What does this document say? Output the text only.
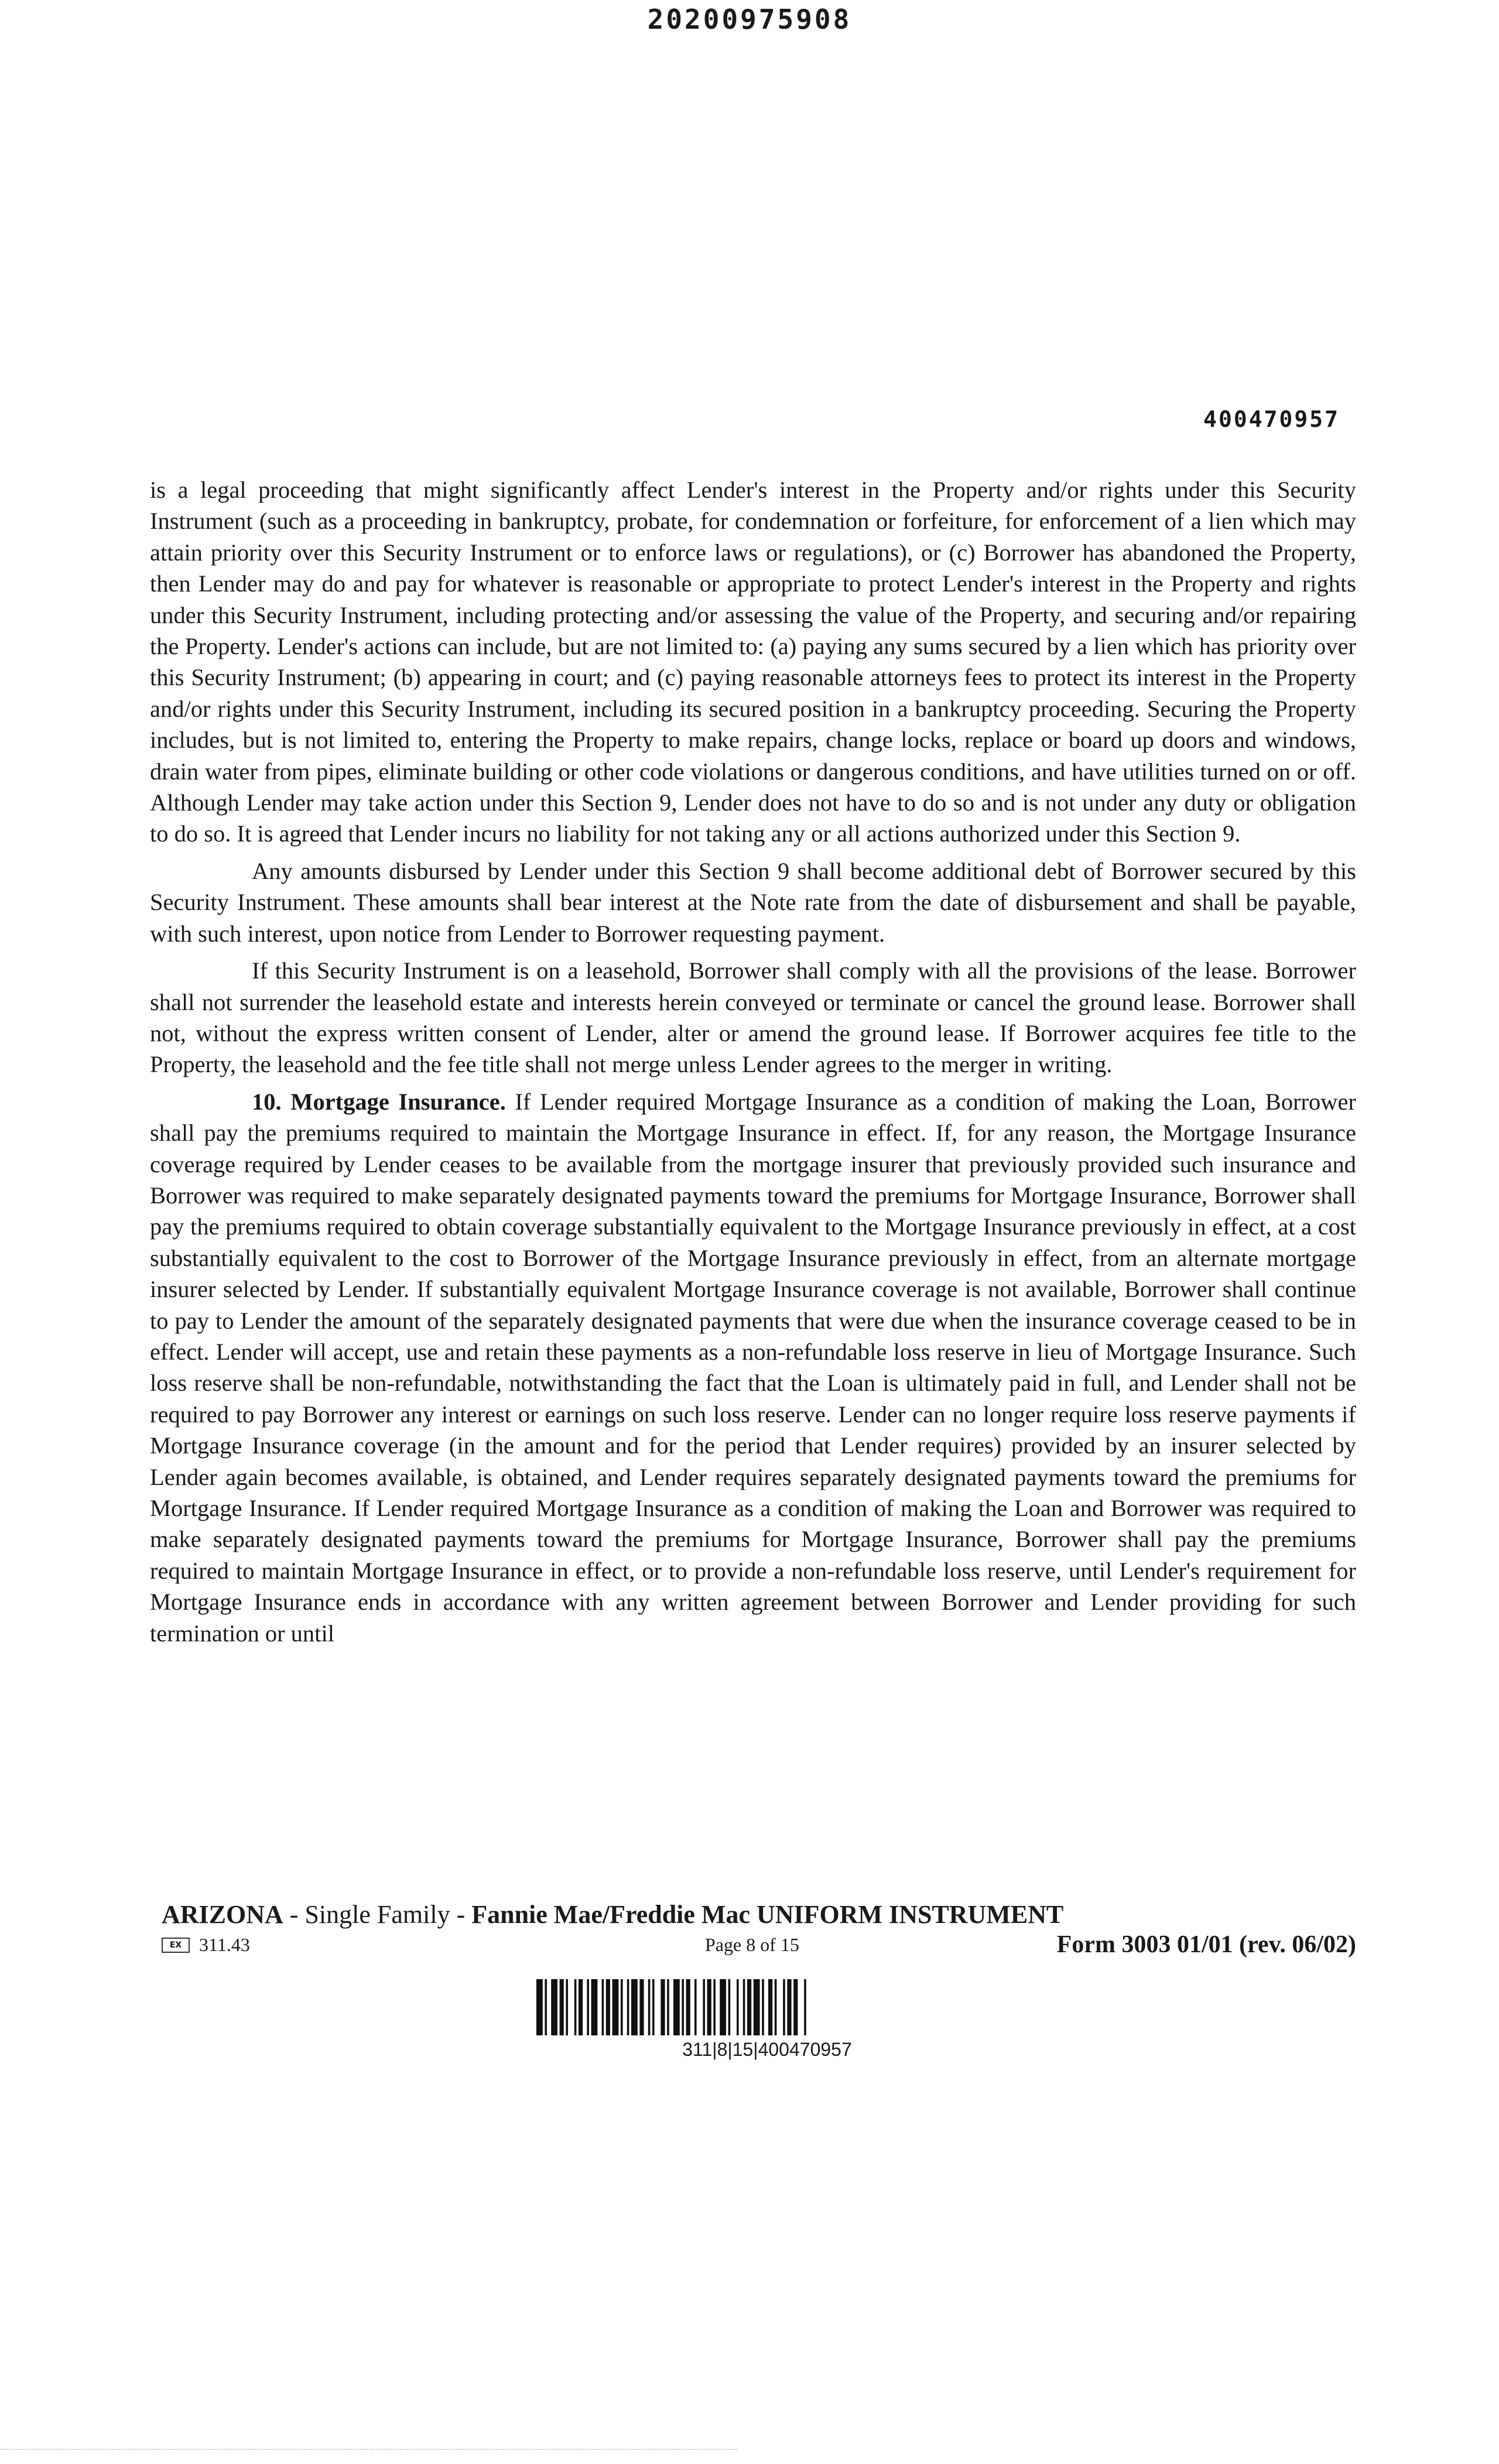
20200975908
400470957

is a legal proceeding that might significantly affect Lender's interest in the Property and/or rights under this Security Instrument (such as a proceeding in bankruptcy, probate, for condemnation or forfeiture, for enforcement of a lien which may attain priority over this Security Instrument or to enforce laws or regulations), or (c) Borrower has abandoned the Property, then Lender may do and pay for whatever is reasonable or appropriate to protect Lender's interest in the Property and rights under this Security Instrument, including protecting and/or assessing the value of the Property, and securing and/or repairing the Property. Lender's actions can include, but are not limited to: (a) paying any sums secured by a lien which has priority over this Security Instrument; (b) appearing in court; and (c) paying reasonable attorneys fees to protect its interest in the Property and/or rights under this Security Instrument, including its secured position in a bankruptcy proceeding. Securing the Property includes, but is not limited to, entering the Property to make repairs, change locks, replace or board up doors and windows, drain water from pipes, eliminate building or other code violations or dangerous conditions, and have utilities turned on or off. Although Lender may take action under this Section 9, Lender does not have to do so and is not under any duty or obligation to do so. It is agreed that Lender incurs no liability for not taking any or all actions authorized under this Section 9.

Any amounts disbursed by Lender under this Section 9 shall become additional debt of Borrower secured by this Security Instrument. These amounts shall bear interest at the Note rate from the date of disbursement and shall be payable, with such interest, upon notice from Lender to Borrower requesting payment.

If this Security Instrument is on a leasehold, Borrower shall comply with all the provisions of the lease. Borrower shall not surrender the leasehold estate and interests herein conveyed or terminate or cancel the ground lease. Borrower shall not, without the express written consent of Lender, alter or amend the ground lease. If Borrower acquires fee title to the Property, the leasehold and the fee title shall not merge unless Lender agrees to the merger in writing.

10. Mortgage Insurance. If Lender required Mortgage Insurance as a condition of making the Loan, Borrower shall pay the premiums required to maintain the Mortgage Insurance in effect. If, for any reason, the Mortgage Insurance coverage required by Lender ceases to be available from the mortgage insurer that previously provided such insurance and Borrower was required to make separately designated payments toward the premiums for Mortgage Insurance, Borrower shall pay the premiums required to obtain coverage substantially equivalent to the Mortgage Insurance previously in effect, at a cost substantially equivalent to the cost to Borrower of the Mortgage Insurance previously in effect, from an alternate mortgage insurer selected by Lender. If substantially equivalent Mortgage Insurance coverage is not available, Borrower shall continue to pay to Lender the amount of the separately designated payments that were due when the insurance coverage ceased to be in effect. Lender will accept, use and retain these payments as a non-refundable loss reserve in lieu of Mortgage Insurance. Such loss reserve shall be non-refundable, notwithstanding the fact that the Loan is ultimately paid in full, and Lender shall not be required to pay Borrower any interest or earnings on such loss reserve. Lender can no longer require loss reserve payments if Mortgage Insurance coverage (in the amount and for the period that Lender requires) provided by an insurer selected by Lender again becomes available, is obtained, and Lender requires separately designated payments toward the premiums for Mortgage Insurance. If Lender required Mortgage Insurance as a condition of making the Loan and Borrower was required to make separately designated payments toward the premiums for Mortgage Insurance, Borrower shall pay the premiums required to maintain Mortgage Insurance in effect, or to provide a non-refundable loss reserve, until Lender's requirement for Mortgage Insurance ends in accordance with any written agreement between Borrower and Lender providing for such termination or until

ARIZONA - Single Family - Fannie Mae/Freddie Mac UNIFORM INSTRUMENT
EX 311.43	Page 8 of 15	Form 3003 01/01 (rev. 06/02)
311|8|15|400470957
